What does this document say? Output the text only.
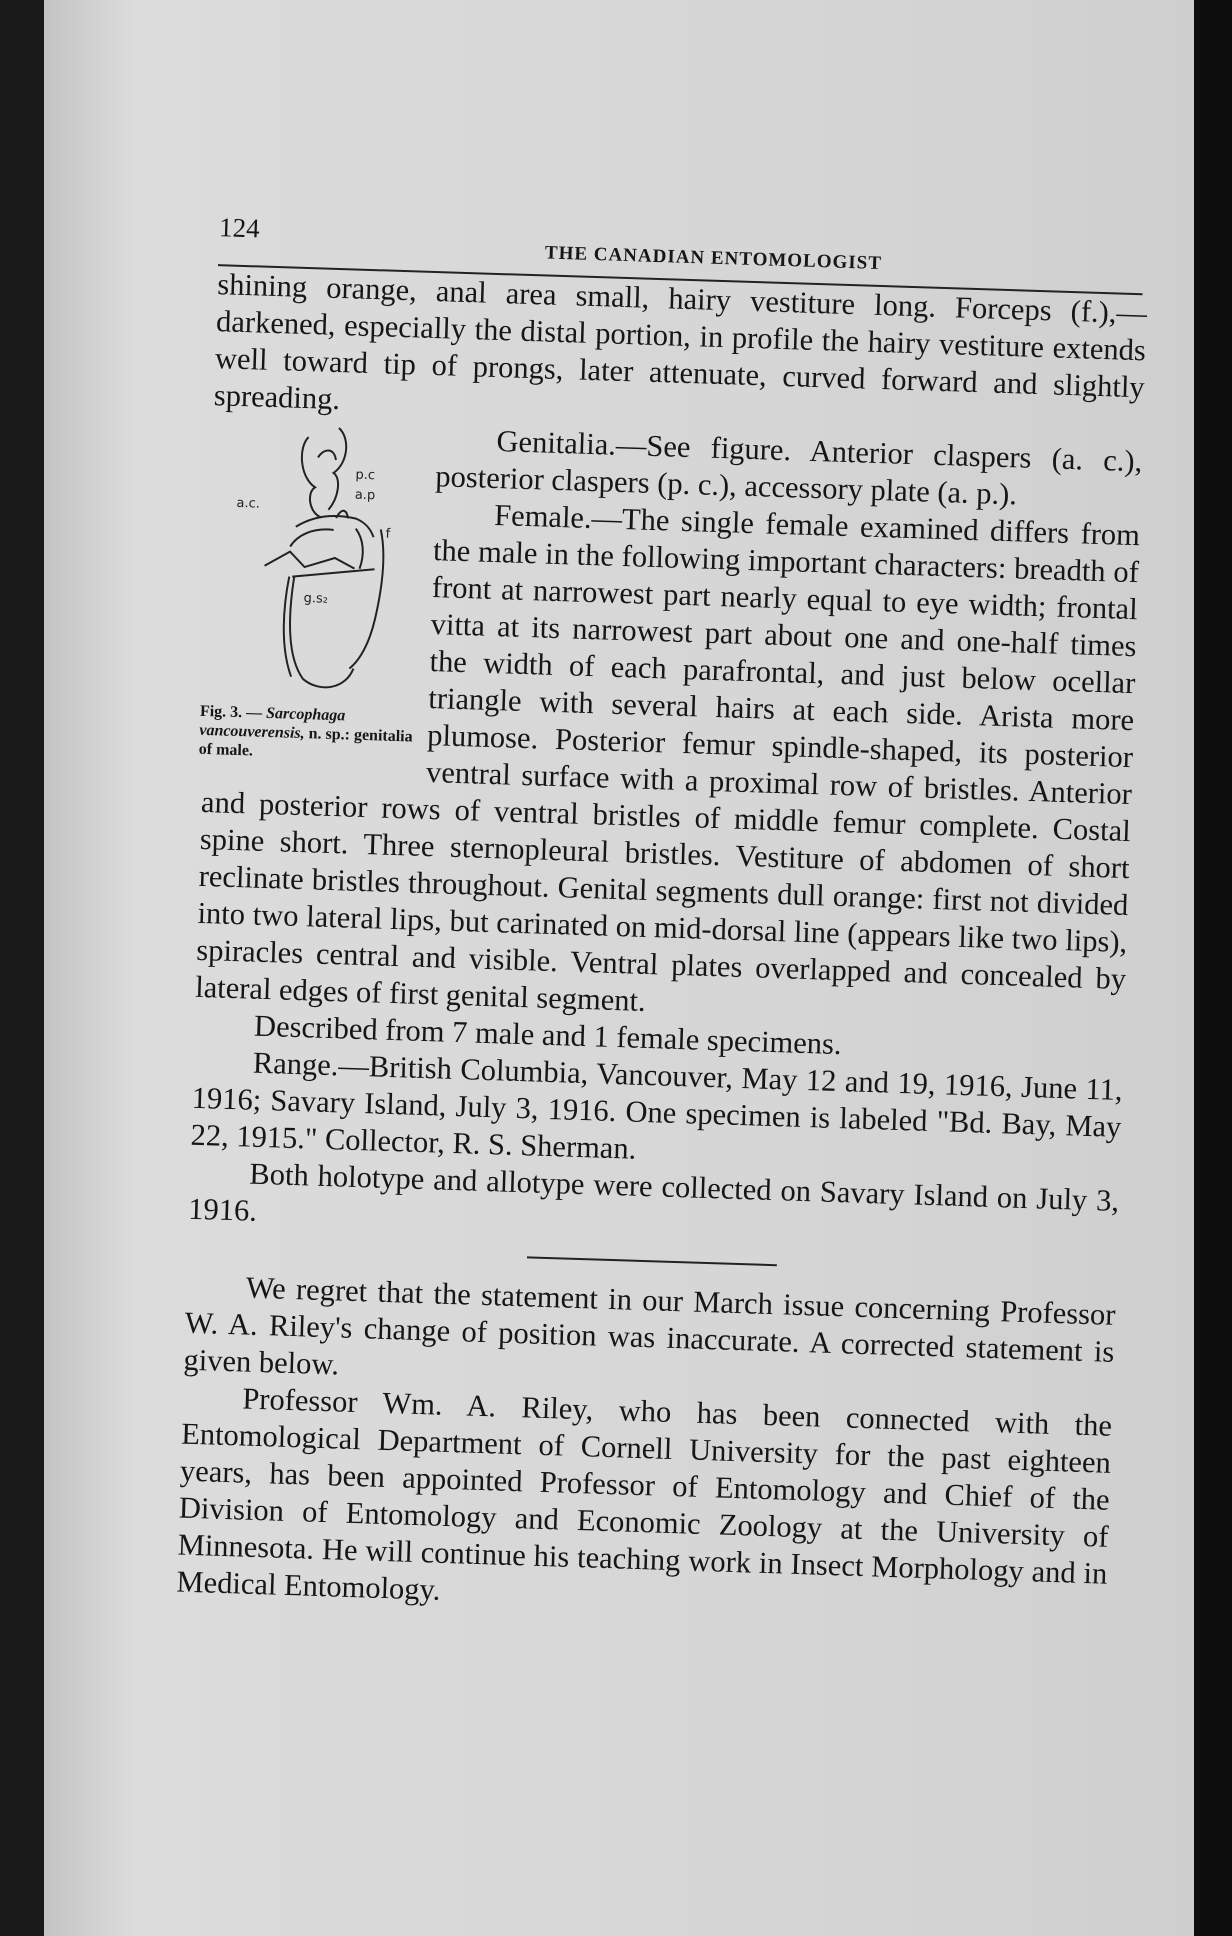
124
THE CANADIAN ENTOMOLOGIST

shining orange, anal area small, hairy vestiture long. Forceps (f.),—darkened, especially the distal portion, in profile the hairy vestiture extends well toward tip of prongs, later attenuate, curved forward and slightly spreading.

p.c
a.p
a.c.
f
g.s₂
Fig. 3. — Sarcophaga vancouverensis, n. sp.: genitalia of male.

Genitalia.—See figure. Anterior claspers (a. c.), posterior claspers (p. c.), accessory plate (a. p.).

Female.—The single female examined differs from the male in the following important characters: breadth of front at narrowest part nearly equal to eye width; frontal vitta at its narrowest part about one and one-half times the width of each parafrontal, and just below ocellar triangle with several hairs at each side. Arista more plumose. Posterior femur spindle-shaped, its posterior ventral surface with a proximal row of bristles. Anterior and posterior rows of ventral bristles of middle femur complete. Costal spine short. Three sternopleural bristles. Vestiture of abdomen of short reclinate bristles throughout. Genital segments dull orange: first not divided into two lateral lips, but carinated on mid-dorsal line (appears like two lips), spiracles central and visible. Ventral plates overlapped and concealed by lateral edges of first genital segment.

Described from 7 male and 1 female specimens.

Range.—British Columbia, Vancouver, May 12 and 19, 1916, June 11, 1916; Savary Island, July 3, 1916. One specimen is labeled "Bd. Bay, May 22, 1915." Collector, R. S. Sherman.

Both holotype and allotype were collected on Savary Island on July 3, 1916.

We regret that the statement in our March issue concerning Professor W. A. Riley's change of position was inaccurate. A corrected statement is given below.

Professor Wm. A. Riley, who has been connected with the Entomological Department of Cornell University for the past eighteen years, has been appointed Professor of Entomology and Chief of the Division of Entomology and Economic Zoology at the University of Minnesota. He will continue his teaching work in Insect Morphology and in Medical Entomology.
